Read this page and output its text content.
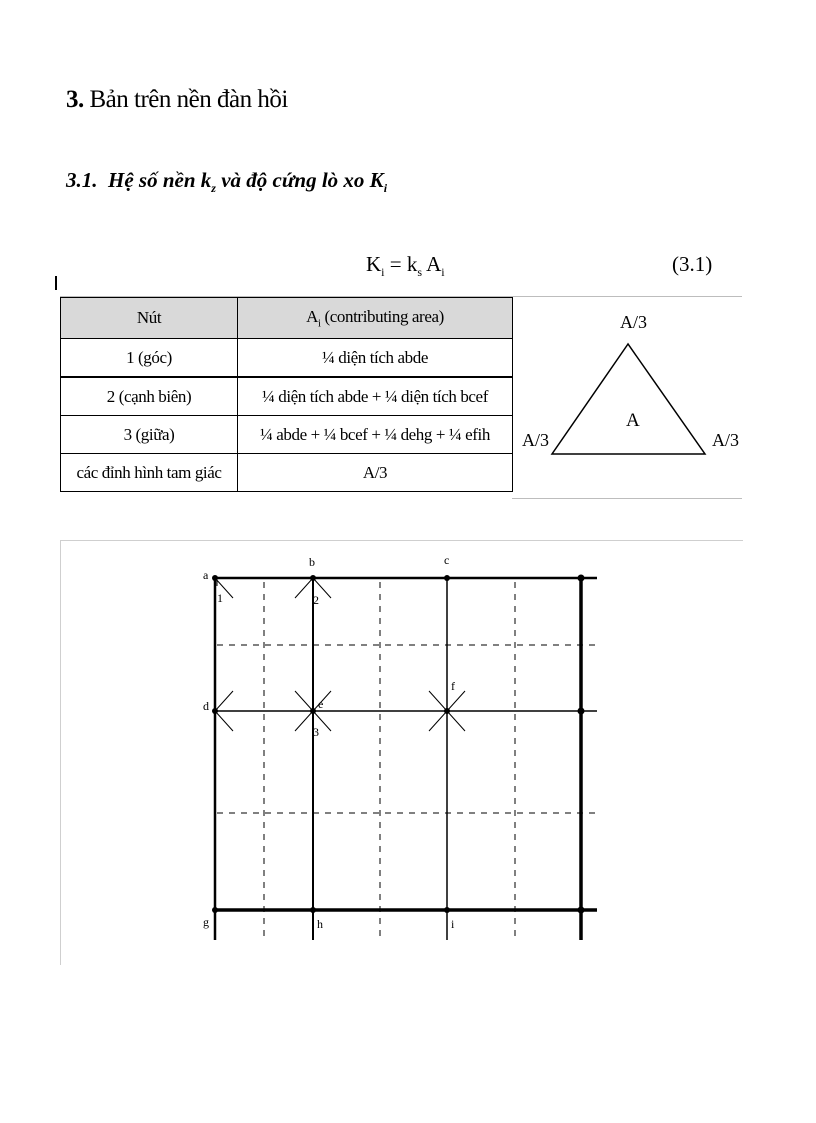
3. Bản trên nền đàn hồi
3.1. Hệ số nền $k_z$ và độ cứng lò xo $K_i$
$K_i = k_s$ $A_i$	(3.1)
Nút	$A_i$ (contributing area)
1 (góc)	¼ diện tích abde
2 (cạnh biên)	¼ diện tích abde + ¼ diện tích bcef
3 (giữa)	¼ abde + ¼ bcef + ¼ dehg + ¼ efih
các đỉnh hình tam giác	A/3
A/3
A/3	A/3
A
a
b	c
d	e
f
g	h	i
1	2
3
